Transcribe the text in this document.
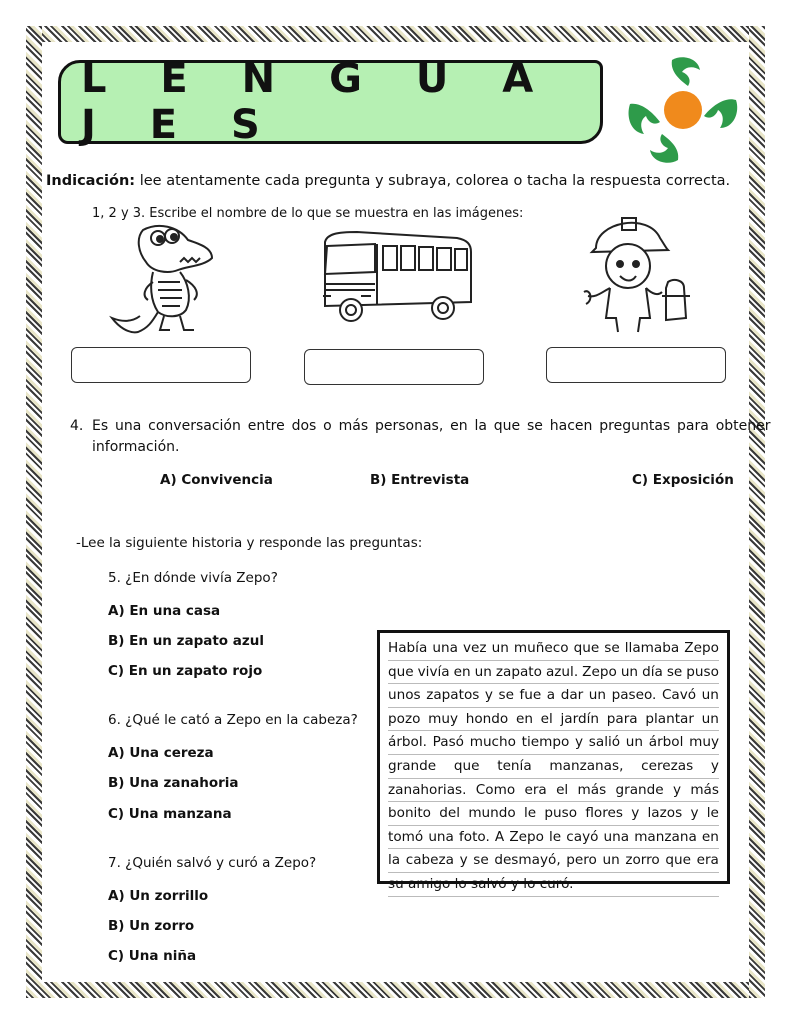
L E N G U A J E S
Indicación: lee atentamente cada pregunta y subraya, colorea o tacha la respuesta correcta.
1, 2 y 3. Escribe el nombre de lo que se muestra en las imágenes:
4. Es una conversación entre dos o más personas, en la que se hacen preguntas para obtener
información.
A) Convivencia	B) Entrevista	C) Exposición
-Lee la siguiente historia y responde las preguntas:
5. ¿En dónde vivía Zepo?
A) En una casa
B) En un zapato azul
C) En un zapato rojo
6. ¿Qué le cató a Zepo en la cabeza?
A) Una cereza
B) Una zanahoria
C) Una manzana
7. ¿Quién salvó y curó a Zepo?
A) Un zorrillo
B) Un zorro
C) Una niña
Había una vez un muñeco que se llamaba Zepo
que vivía en un zapato azul. Zepo un día se puso
unos zapatos y se fue a dar un paseo. Cavó un
pozo muy hondo en el jardín para plantar un
árbol. Pasó mucho tiempo y salió un árbol muy
grande que tenía manzanas, cerezas y
zanahorias. Como era el más grande y más
bonito del mundo le puso flores y lazos y le
tomó una foto. A Zepo le cayó una manzana en
la cabeza y se desmayó, pero un zorro que era
su amigo lo salvó y lo curó.
